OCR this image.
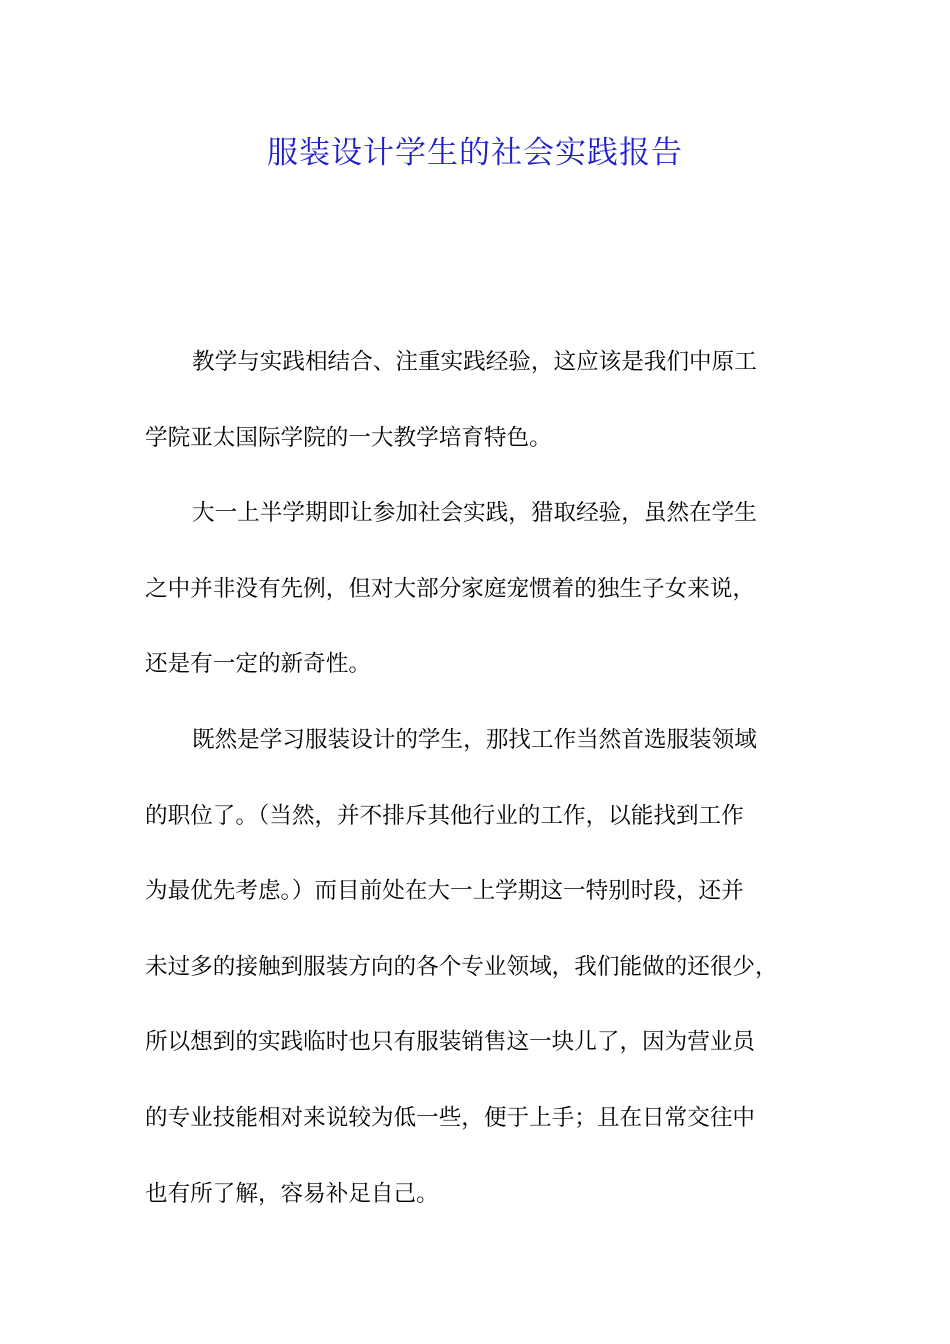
服装设计学生的社会实践报告
教学与实践相结合、注重实践经验，这应该是我们中原工
学院亚太国际学院的一大教学培育特色。
大一上半学期即让参加社会实践，猎取经验，虽然在学生
之中并非没有先例，但对大部分家庭宠惯着的独生子女来说，
还是有一定的新奇性。
既然是学习服装设计的学生，那找工作当然首选服装领域
的职位了。（当然，并不排斥其他行业的工作，以能找到工作
为最优先考虑。）而目前处在大一上学期这一特别时段，还并
未过多的接触到服装方向的各个专业领域，我们能做的还很少，
所以想到的实践临时也只有服装销售这一块儿了，因为营业员
的专业技能相对来说较为低一些，便于上手；且在日常交往中
也有所了解，容易补足自己。
